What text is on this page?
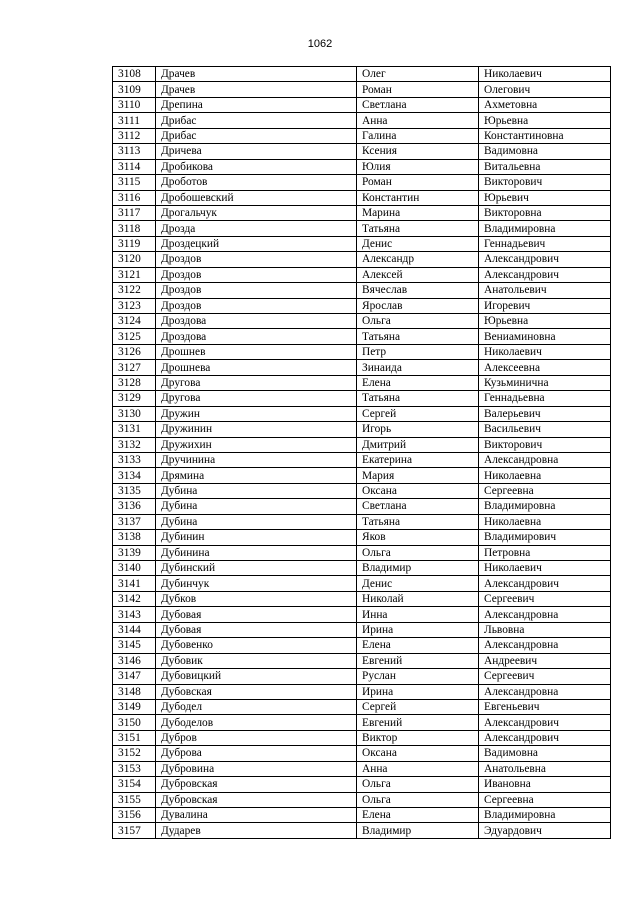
1062
3108	Драчев	Олег	Николаевич
3109	Драчев	Роман	Олегович
3110	Дрепина	Светлана	Ахметовна
3111	Дрибас	Анна	Юрьевна
3112	Дрибас	Галина	Константиновна
3113	Дричева	Ксения	Вадимовна
3114	Дробикова	Юлия	Витальевна
3115	Дроботов	Роман	Викторович
3116	Дробошевский	Константин	Юрьевич
3117	Дрогальчук	Марина	Викторовна
3118	Дрозда	Татьяна	Владимировна
3119	Дроздецкий	Денис	Геннадьевич
3120	Дроздов	Александр	Александрович
3121	Дроздов	Алексей	Александрович
3122	Дроздов	Вячеслав	Анатольевич
3123	Дроздов	Ярослав	Игоревич
3124	Дроздова	Ольга	Юрьевна
3125	Дроздова	Татьяна	Вениаминовна
3126	Дрошнев	Петр	Николаевич
3127	Дрошнева	Зинаида	Алексеевна
3128	Другова	Елена	Кузьминична
3129	Другова	Татьяна	Геннадьевна
3130	Дружин	Сергей	Валерьевич
3131	Дружинин	Игорь	Васильевич
3132	Дружихин	Дмитрий	Викторович
3133	Дручинина	Екатерина	Александровна
3134	Дрямина	Мария	Николаевна
3135	Дубина	Оксана	Сергеевна
3136	Дубина	Светлана	Владимировна
3137	Дубина	Татьяна	Николаевна
3138	Дубинин	Яков	Владимирович
3139	Дубинина	Ольга	Петровна
3140	Дубинский	Владимир	Николаевич
3141	Дубинчук	Денис	Александрович
3142	Дубков	Николай	Сергеевич
3143	Дубовая	Инна	Александровна
3144	Дубовая	Ирина	Львовна
3145	Дубовенко	Елена	Александровна
3146	Дубовик	Евгений	Андреевич
3147	Дубовицкий	Руслан	Сергеевич
3148	Дубовская	Ирина	Александровна
3149	Дубодел	Сергей	Евгеньевич
3150	Дубоделов	Евгений	Александрович
3151	Дубров	Виктор	Александрович
3152	Дуброва	Оксана	Вадимовна
3153	Дубровина	Анна	Анатольевна
3154	Дубровская	Ольга	Ивановна
3155	Дубровская	Ольга	Сергеевна
3156	Дувалина	Елена	Владимировна
3157	Дударев	Владимир	Эдуардович
